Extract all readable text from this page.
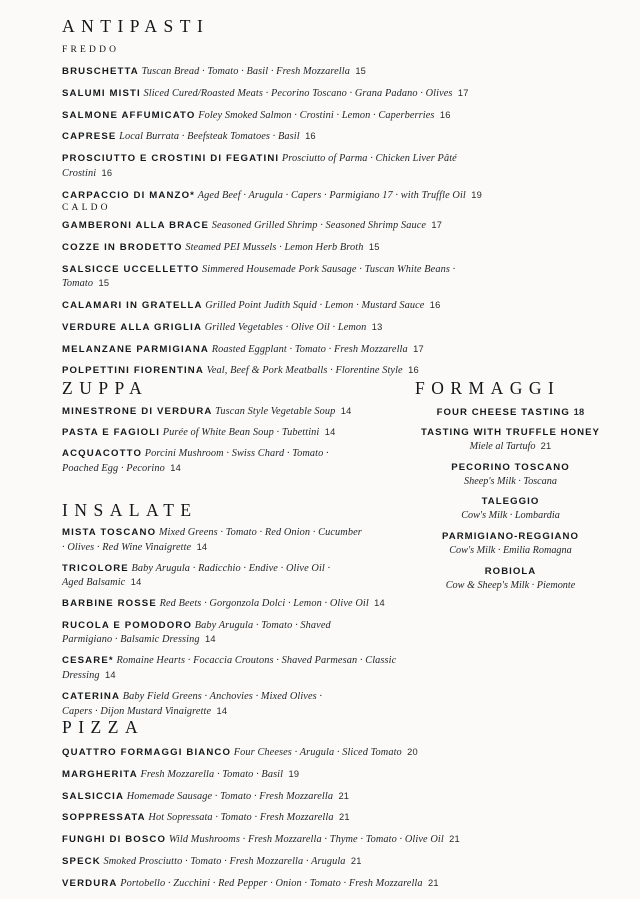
ANTIPASTI
FREDDO
BRUSCHETTA Tuscan Bread · Tomato · Basil · Fresh Mozzarella 15
SALUMI MISTI Sliced Cured/Roasted Meats · Pecorino Toscano · Grana Padano · Olives 17
SALMONE AFFUMICATO Foley Smoked Salmon · Crostini · Lemon · Caperberries 16
CAPRESE Local Burrata · Beefsteak Tomatoes · Basil 16
PROSCIUTTO E CROSTINI DI FEGATINI Prosciutto of Parma · Chicken Liver Pâté Crostini 16
CARPACCIO DI MANZO* Aged Beef · Arugula · Capers · Parmigiano 17 · with Truffle Oil 19
CALDO
GAMBERONI ALLA BRACE Seasoned Grilled Shrimp · Seasoned Shrimp Sauce 17
COZZE IN BRODETTO Steamed PEI Mussels · Lemon Herb Broth 15
SALSICCE UCCELLETTO Simmered Housemade Pork Sausage · Tuscan White Beans · Tomato 15
CALAMARI IN GRATELLA Grilled Point Judith Squid · Lemon · Mustard Sauce 16
VERDURE ALLA GRIGLIA Grilled Vegetables · Olive Oil · Lemon 13
MELANZANE PARMIGIANA Roasted Eggplant · Tomato · Fresh Mozzarella 17
POLPETTINI FIORENTINA Veal, Beef & Pork Meatballs · Florentine Style 16
ZUPPA
MINESTRONE DI VERDURA Tuscan Style Vegetable Soup 14
PASTA E FAGIOLI Purée of White Bean Soup · Tubettini 14
ACQUACOTTO Porcini Mushroom · Swiss Chard · Tomato · Poached Egg · Pecorino 14
FORMAGGI
FOUR CHEESE TASTING 18
TASTING WITH TRUFFLE HONEY
Miele al Tartufo 21
PECORINO TOSCANO
Sheep's Milk · Toscana
TALEGGIO
Cow's Milk · Lombardia
PARMIGIANO-REGGIANO
Cow's Milk · Emilia Romagna
ROBIOLA
Cow & Sheep's Milk · Piemonte
INSALATE
MISTA TOSCANO Mixed Greens · Tomato · Red Onion · Cucumber · Olives · Red Wine Vinaigrette 14
TRICOLORE Baby Arugula · Radicchio · Endive · Olive Oil · Aged Balsamic 14
BARBINE ROSSE Red Beets · Gorgonzola Dolci · Lemon · Olive Oil 14
RUCOLA E POMODORO Baby Arugula · Tomato · Shaved Parmigiano · Balsamic Dressing 14
CESARE* Romaine Hearts · Focaccia Croutons · Shaved Parmesan · Classic Dressing 14
CATERINA Baby Field Greens · Anchovies · Mixed Olives · Capers · Dijon Mustard Vinaigrette 14
PIZZA
QUATTRO FORMAGGI BIANCO Four Cheeses · Arugula · Sliced Tomato 20
MARGHERITA Fresh Mozzarella · Tomato · Basil 19
SALSICCIA Homemade Sausage · Tomato · Fresh Mozzarella 21
SOPPRESSATA Hot Sopressata · Tomato · Fresh Mozzarella 21
FUNGHI DI BOSCO Wild Mushrooms · Fresh Mozzarella · Thyme · Tomato · Olive Oil 21
SPECK Smoked Prosciutto · Tomato · Fresh Mozzarella · Arugula 21
VERDURA Portobello · Zucchini · Red Pepper · Onion · Tomato · Fresh Mozzarella 21
